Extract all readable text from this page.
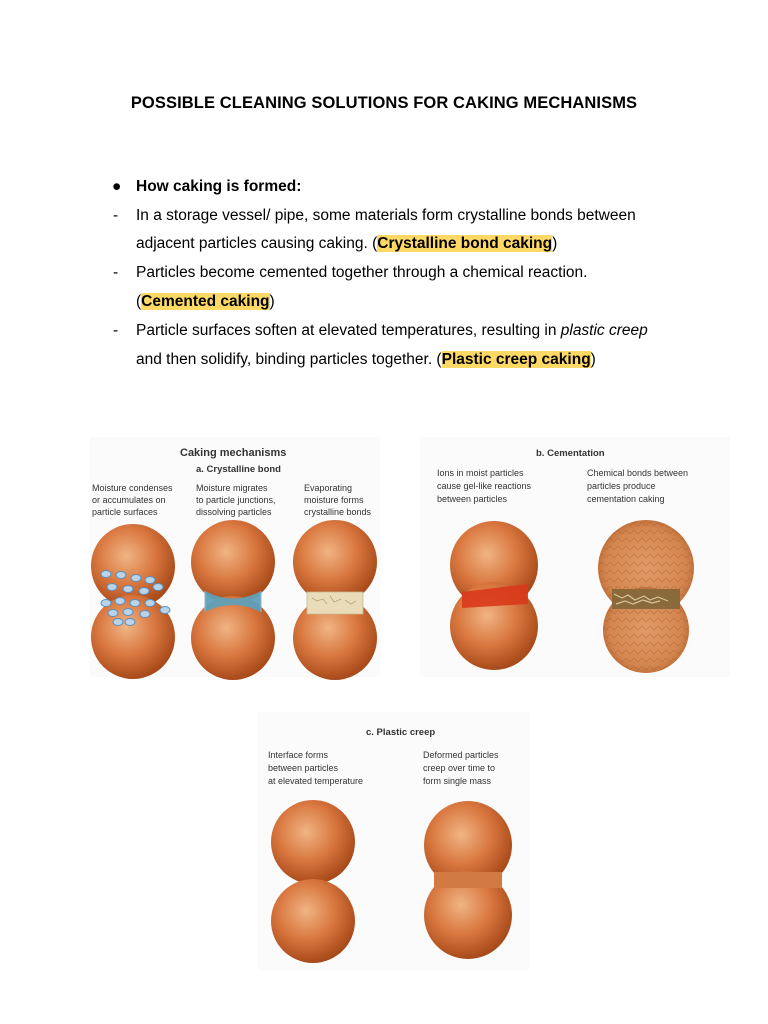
POSSIBLE CLEANING SOLUTIONS FOR CAKING MECHANISMS
● How caking is formed:
- In a storage vessel/ pipe, some materials form crystalline bonds between
adjacent particles causing caking. (Crystalline bond caking)
- Particles become cemented together through a chemical reaction.
(Cemented caking)
- Particle surfaces soften at elevated temperatures, resulting in plastic creep
and then solidify, binding particles together. (Plastic creep caking)
Caking mechanisms
a. Crystalline bond
b. Cementation
c. Plastic creep
Moisture condenses
or accumulates on
particle surfaces
Moisture migrates
to particle junctions,
dissolving particles
Evaporating
moisture forms
crystalline bonds
Ions in moist particles
cause gel-like reactions
between particles
Chemical bonds between
particles produce
cementation caking
Interface forms
between particles
at elevated temperature
Deformed particles
creep over time to
form single mass
